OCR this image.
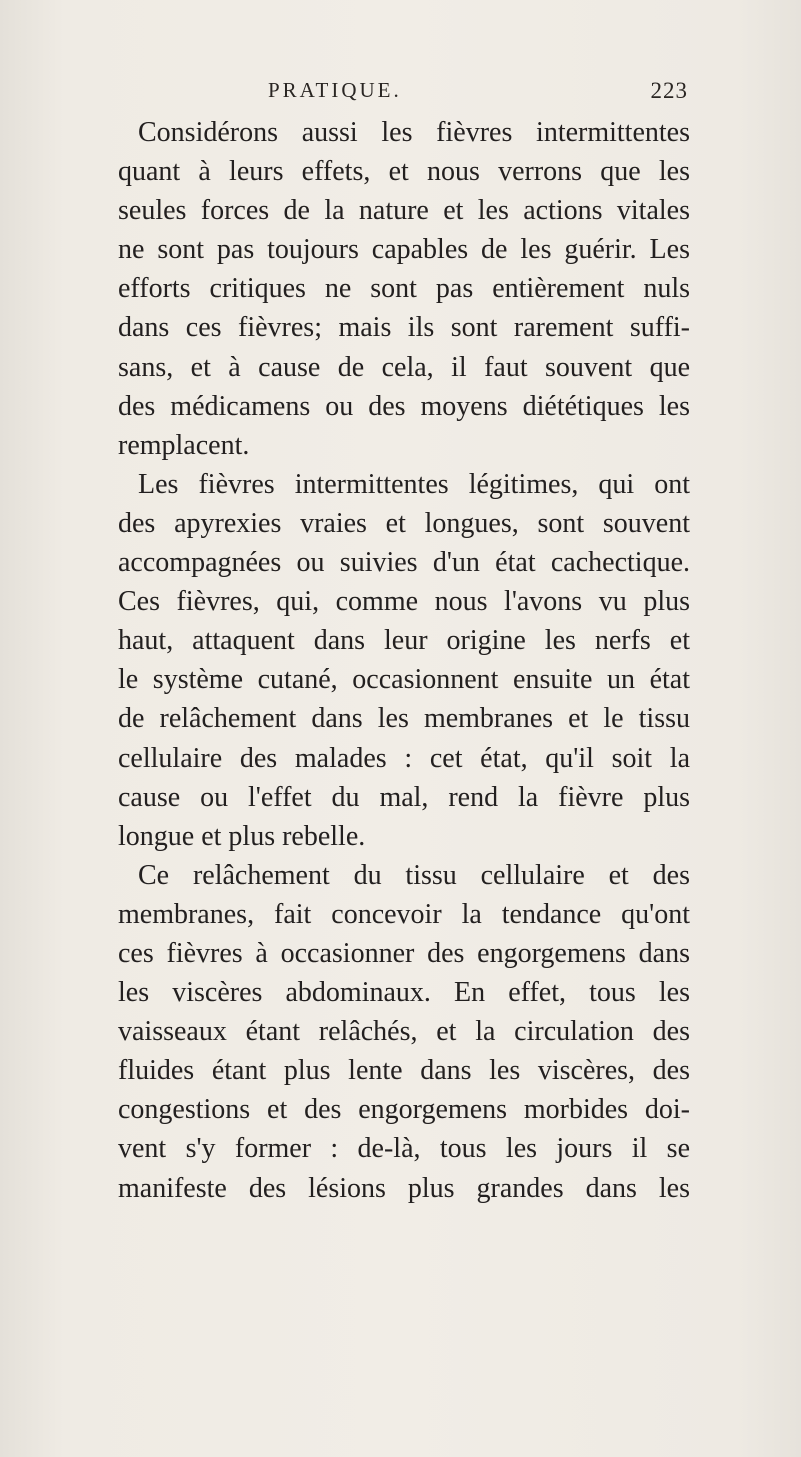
PRATIQUE.	223
Considérons aussi les fièvres intermittentes
quant à leurs effets, et nous verrons que les
seules forces de la nature et les actions vitales
ne sont pas toujours capables de les guérir. Les
efforts critiques ne sont pas entièrement nuls
dans ces fièvres; mais ils sont rarement suffi-
sans, et à cause de cela, il faut souvent que
des médicamens ou des moyens diététiques les
remplacent.
Les fièvres intermittentes légitimes, qui ont
des apyrexies vraies et longues, sont souvent
accompagnées ou suivies d'un état cachectique.
Ces fièvres, qui, comme nous l'avons vu plus
haut, attaquent dans leur origine les nerfs et
le système cutané, occasionnent ensuite un état
de relâchement dans les membranes et le tissu
cellulaire des malades : cet état, qu'il soit la
cause ou l'effet du mal, rend la fièvre plus
longue et plus rebelle.
Ce relâchement du tissu cellulaire et des
membranes, fait concevoir la tendance qu'ont
ces fièvres à occasionner des engorgemens dans
les viscères abdominaux. En effet, tous les
vaisseaux étant relâchés, et la circulation des
fluides étant plus lente dans les viscères, des
congestions et des engorgemens morbides doi-
vent s'y former : de-là, tous les jours il se
manifeste des lésions plus grandes dans les
